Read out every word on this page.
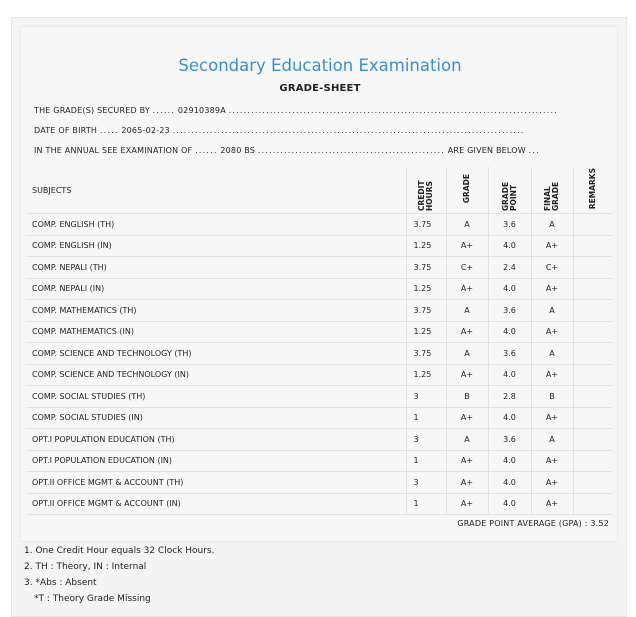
Secondary Education Examination
GRADE-SHEET
THE GRADE(S) SECURED BY ...... 02910389A ........................................................................................
DATE OF BIRTH ..... 2065-02-23 ..............................................................................................
IN THE ANNUAL SEE EXAMINATION OF ...... 2080 BS .................................................. ARE GIVEN BELOW ...
SUBJECTS	CREDIT HOURS	GRADE	GRADE POINT	FINAL GRADE	REMARKS
COMP. ENGLISH (TH)	3.75	A	3.6	A	
COMP. ENGLISH (IN)	1.25	A+	4.0	A+	
COMP. NEPALI (TH)	3.75	C+	2.4	C+	
COMP. NEPALI (IN)	1.25	A+	4.0	A+	
COMP. MATHEMATICS (TH)	3.75	A	3.6	A	
COMP. MATHEMATICS (IN)	1.25	A+	4.0	A+	
COMP. SCIENCE AND TECHNOLOGY (TH)	3.75	A	3.6	A	
COMP. SCIENCE AND TECHNOLOGY (IN)	1.25	A+	4.0	A+	
COMP. SOCIAL STUDIES (TH)	3	B	2.8	B	
COMP. SOCIAL STUDIES (IN)	1	A+	4.0	A+	
OPT.I POPULATION EDUCATION (TH)	3	A	3.6	A	
OPT.I POPULATION EDUCATION (IN)	1	A+	4.0	A+	
OPT.II OFFICE MGMT & ACCOUNT (TH)	3	A+	4.0	A+	
OPT.II OFFICE MGMT & ACCOUNT (IN)	1	A+	4.0	A+	
GRADE POINT AVERAGE (GPA) : 3.52
1. One Credit Hour equals 32 Clock Hours.
2. TH : Theory, IN : Internal
3. *Abs : Absent
*T : Theory Grade Missing
